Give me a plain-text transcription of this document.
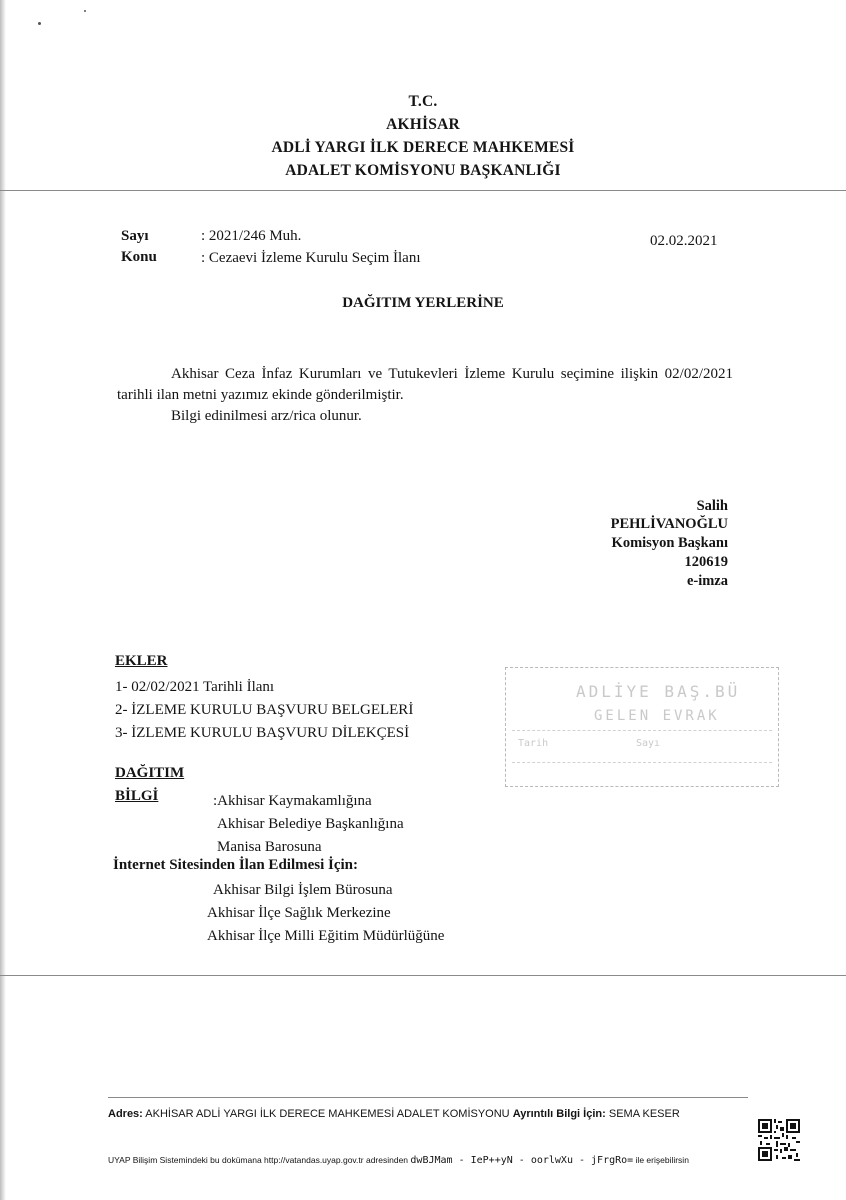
T.C.
AKHİSAR
ADLİ YARGI İLK DERECE MAHKEMESİ
ADALET KOMİSYONU BAŞKANLIĞI
Sayı	: 2021/246 Muh.	02.02.2021
Konu	: Cezaevi İzleme Kurulu Seçim İlanı
DAĞITIM YERLERİNE
Akhisar Ceza İnfaz Kurumları ve Tutukevleri İzleme Kurulu seçimine ilişkin 02/02/2021 tarihli ilan metni yazımız ekinde gönderilmiştir.
Bilgi edinilmesi arz/rica olunur.
Salih
PEHLİVANOĞLU
Komisyon Başkanı
120619
e-imza
EKLER
1- 02/02/2021 Tarihli İlanı
2- İZLEME KURULU BAŞVURU BELGELERİ
3- İZLEME KURULU BAŞVURU DİLEKÇESİ
ADLİYE BAŞ.BÜ
GELEN EVRAK
Tarih	Sayı
DAĞITIM
BİLGİ	:Akhisar Kaymakamlığına
Akhisar Belediye Başkanlığına
Manisa Barosuna
İnternet Sitesinden İlan Edilmesi İçin:
Akhisar Bilgi İşlem Bürosuna
Akhisar İlçe Sağlık Merkezine
Akhisar İlçe Milli Eğitim Müdürlüğüne
Adres: AKHİSAR ADLİ YARGI İLK DERECE MAHKEMESİ ADALET KOMİSYONU Ayrıntılı Bilgi İçin: SEMA KESER
UYAP Bilişim Sistemindeki bu dokümana http://vatandas.uyap.gov.tr adresinden dwBJMam - IeP++yN - oorlwXu - jFrgRo= ile erişebilirsin
